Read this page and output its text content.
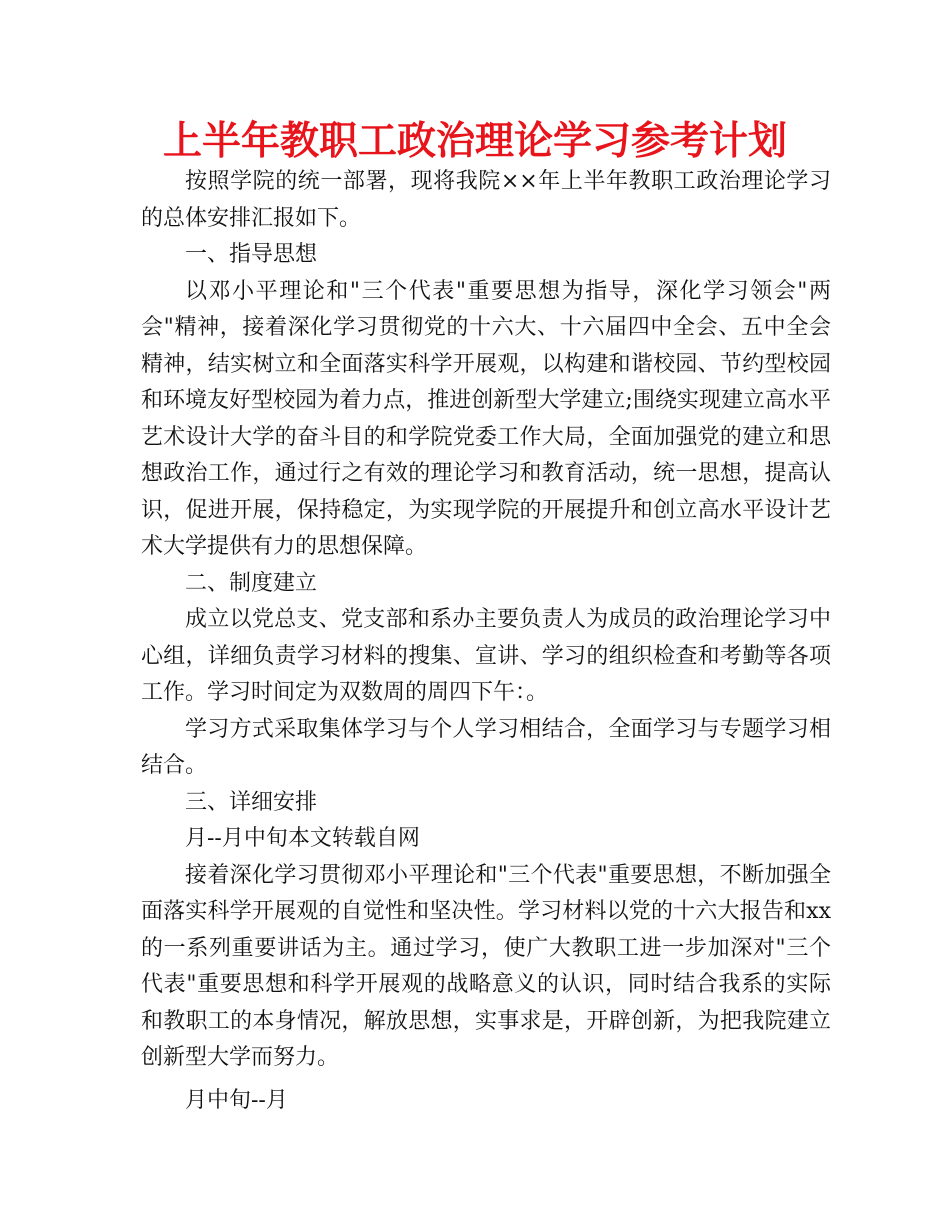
上半年教职工政治理论学习参考计划

按照学院的统一部署，现将我院××年上半年教职工政治理论学习的总体安排汇报如下。

一、指导思想

以邓小平理论和"三个代表"重要思想为指导，深化学习领会"两会"精神，接着深化学习贯彻党的十六大、十六届四中全会、五中全会精神，结实树立和全面落实科学开展观，以构建和谐校园、节约型校园和环境友好型校园为着力点，推进创新型大学建立;围绕实现建立高水平艺术设计大学的奋斗目的和学院党委工作大局，全面加强党的建立和思想政治工作，通过行之有效的理论学习和教育活动，统一思想，提高认识，促进开展，保持稳定，为实现学院的开展提升和创立高水平设计艺术大学提供有力的思想保障。

二、制度建立

成立以党总支、党支部和系办主要负责人为成员的政治理论学习中心组，详细负责学习材料的搜集、宣讲、学习的组织检查和考勤等各项工作。学习时间定为双数周的周四下午：。

学习方式采取集体学习与个人学习相结合，全面学习与专题学习相结合。

三、详细安排

月--月中旬本文转载自网

接着深化学习贯彻邓小平理论和"三个代表"重要思想，不断加强全面落实科学开展观的自觉性和坚决性。学习材料以党的十六大报告和xx的一系列重要讲话为主。通过学习，使广大教职工进一步加深对"三个代表"重要思想和科学开展观的战略意义的认识，同时结合我系的实际和教职工的本身情况，解放思想，实事求是，开辟创新，为把我院建立创新型大学而努力。

月中旬--月
